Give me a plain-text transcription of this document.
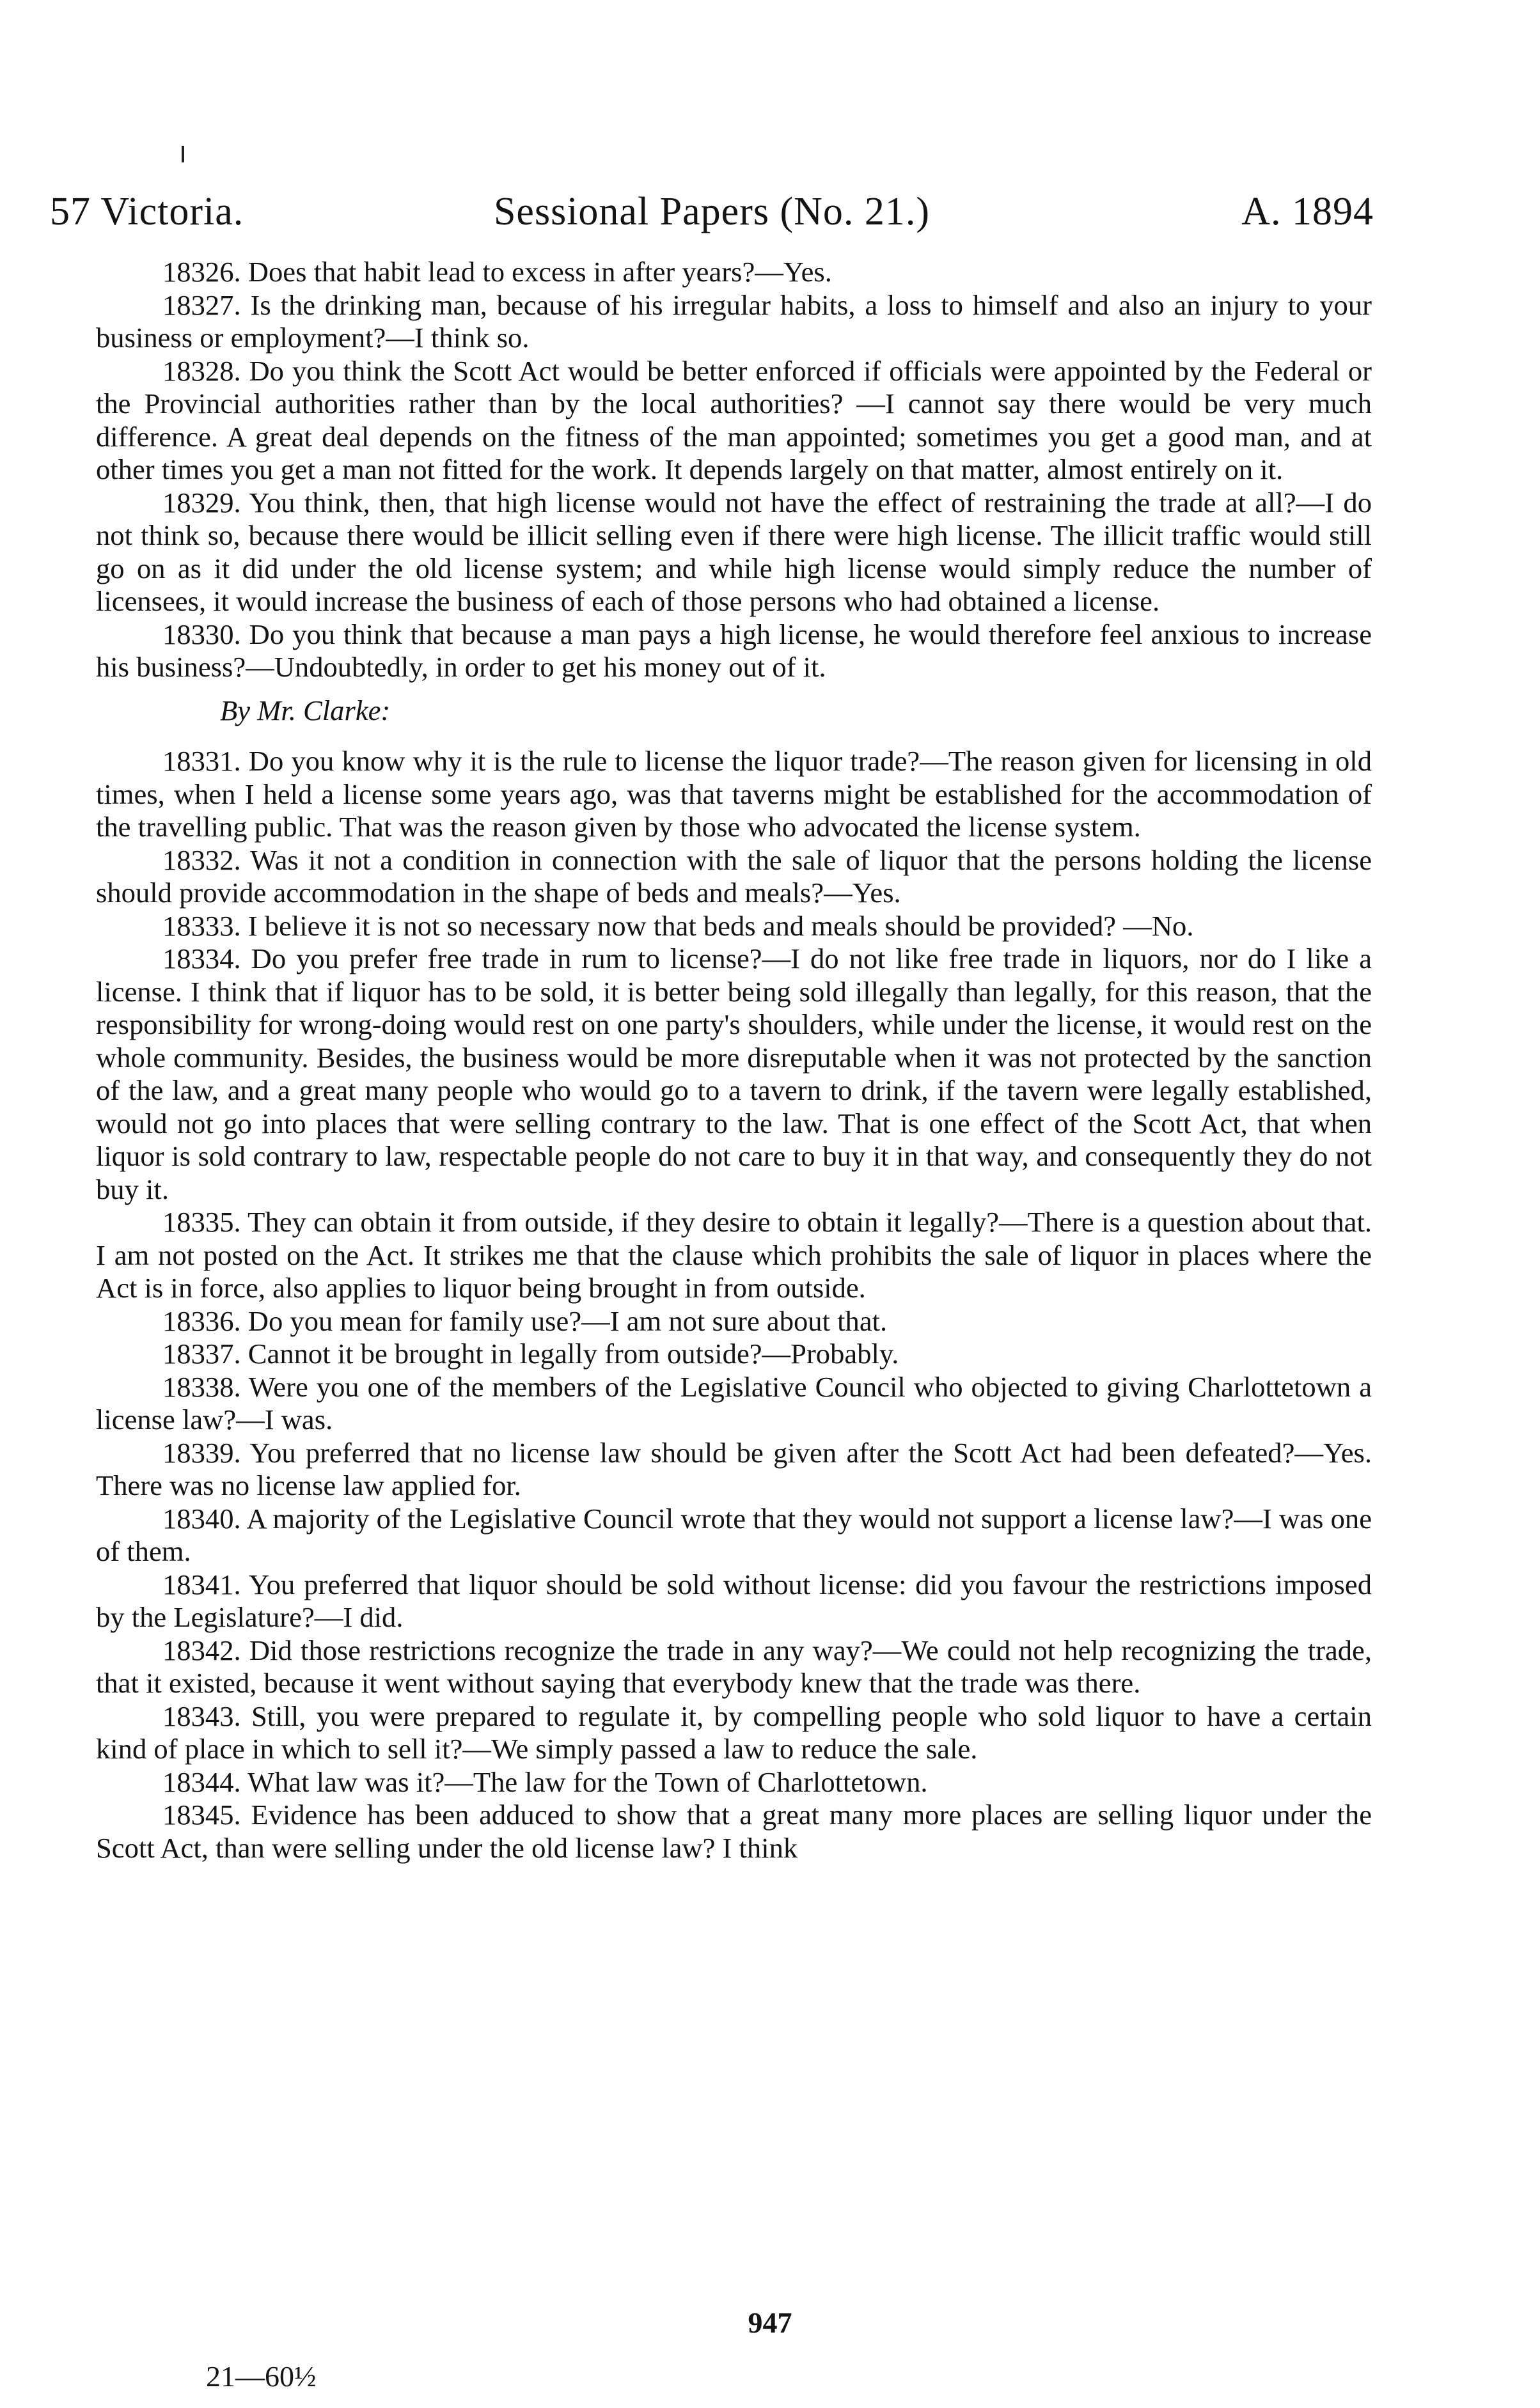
57 Victoria.	Sessional Papers (No. 21.)	A. 1894

18326. Does that habit lead to excess in after years?—Yes.

18327. Is the drinking man, because of his irregular habits, a loss to himself and also an injury to your business or employment?—I think so.

18328. Do you think the Scott Act would be better enforced if officials were appointed by the Federal or the Provincial authorities rather than by the local authorities? —I cannot say there would be very much difference. A great deal depends on the fitness of the man appointed; sometimes you get a good man, and at other times you get a man not fitted for the work. It depends largely on that matter, almost entirely on it.

18329. You think, then, that high license would not have the effect of restraining the trade at all?—I do not think so, because there would be illicit selling even if there were high license. The illicit traffic would still go on as it did under the old license system; and while high license would simply reduce the number of licensees, it would increase the business of each of those persons who had obtained a license.

18330. Do you think that because a man pays a high license, he would therefore feel anxious to increase his business?—Undoubtedly, in order to get his money out of it.

By Mr. Clarke:

18331. Do you know why it is the rule to license the liquor trade?—The reason given for licensing in old times, when I held a license some years ago, was that taverns might be established for the accommodation of the travelling public. That was the reason given by those who advocated the license system.

18332. Was it not a condition in connection with the sale of liquor that the persons holding the license should provide accommodation in the shape of beds and meals?—Yes.

18333. I believe it is not so necessary now that beds and meals should be provided? —No.

18334. Do you prefer free trade in rum to license?—I do not like free trade in liquors, nor do I like a license. I think that if liquor has to be sold, it is better being sold illegally than legally, for this reason, that the responsibility for wrong-doing would rest on one party's shoulders, while under the license, it would rest on the whole community. Besides, the business would be more disreputable when it was not protected by the sanction of the law, and a great many people who would go to a tavern to drink, if the tavern were legally established, would not go into places that were selling contrary to the law. That is one effect of the Scott Act, that when liquor is sold contrary to law, respectable people do not care to buy it in that way, and consequently they do not buy it.

18335. They can obtain it from outside, if they desire to obtain it legally?—There is a question about that. I am not posted on the Act. It strikes me that the clause which prohibits the sale of liquor in places where the Act is in force, also applies to liquor being brought in from outside.

18336. Do you mean for family use?—I am not sure about that.

18337. Cannot it be brought in legally from outside?—Probably.

18338. Were you one of the members of the Legislative Council who objected to giving Charlottetown a license law?—I was.

18339. You preferred that no license law should be given after the Scott Act had been defeated?—Yes. There was no license law applied for.

18340. A majority of the Legislative Council wrote that they would not support a license law?—I was one of them.

18341. You preferred that liquor should be sold without license: did you favour the restrictions imposed by the Legislature?—I did.

18342. Did those restrictions recognize the trade in any way?—We could not help recognizing the trade, that it existed, because it went without saying that everybody knew that the trade was there.

18343. Still, you were prepared to regulate it, by compelling people who sold liquor to have a certain kind of place in which to sell it?—We simply passed a law to reduce the sale.

18344. What law was it?—The law for the Town of Charlottetown.

18345. Evidence has been adduced to show that a great many more places are selling liquor under the Scott Act, than were selling under the old license law? I think

947
21—60½
